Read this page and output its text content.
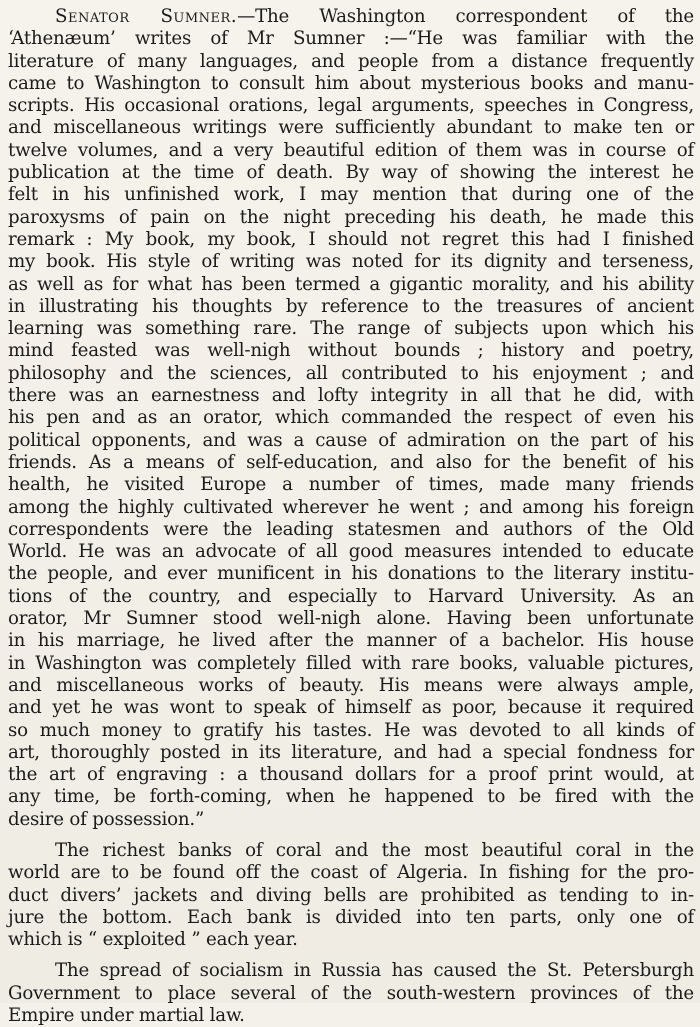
Senator Sumner.—The Washington correspondent of the
‘Athenæum’ writes of Mr Sumner :—“He was familiar with the
literature of many languages, and people from a distance frequently
came to Washington to consult him about mysterious books and manu-
scripts. His occasional orations, legal arguments, speeches in Congress,
and miscellaneous writings were sufficiently abundant to make ten or
twelve volumes, and a very beautiful edition of them was in course of
publication at the time of death. By way of showing the interest he
felt in his unfinished work, I may mention that during one of the
paroxysms of pain on the night preceding his death, he made this
remark : My book, my book, I should not regret this had I finished
my book. His style of writing was noted for its dignity and terseness,
as well as for what has been termed a gigantic morality, and his ability
in illustrating his thoughts by reference to the treasures of ancient
learning was something rare. The range of subjects upon which his
mind feasted was well-nigh without bounds ; history and poetry,
philosophy and the sciences, all contributed to his enjoyment ; and
there was an earnestness and lofty integrity in all that he did, with
his pen and as an orator, which commanded the respect of even his
political opponents, and was a cause of admiration on the part of his
friends. As a means of self-education, and also for the benefit of his
health, he visited Europe a number of times, made many friends
among the highly cultivated wherever he went ; and among his foreign
correspondents were the leading statesmen and authors of the Old
World. He was an advocate of all good measures intended to educate
the people, and ever munificent in his donations to the literary institu-
tions of the country, and especially to Harvard University. As an
orator, Mr Sumner stood well-nigh alone. Having been unfortunate
in his marriage, he lived after the manner of a bachelor. His house
in Washington was completely filled with rare books, valuable pictures,
and miscellaneous works of beauty. His means were always ample,
and yet he was wont to speak of himself as poor, because it required
so much money to gratify his tastes. He was devoted to all kinds of
art, thoroughly posted in its literature, and had a special fondness for
the art of engraving : a thousand dollars for a proof print would, at
any time, be forth-coming, when he happened to be fired with the
desire of possession.”
The richest banks of coral and the most beautiful coral in the
world are to be found off the coast of Algeria. In fishing for the pro-
duct divers’ jackets and diving bells are prohibited as tending to in-
jure the bottom. Each bank is divided into ten parts, only one of
which is “ exploited ” each year.
The spread of socialism in Russia has caused the St. Petersburgh
Government to place several of the south-western provinces of the
Empire under martial law.
